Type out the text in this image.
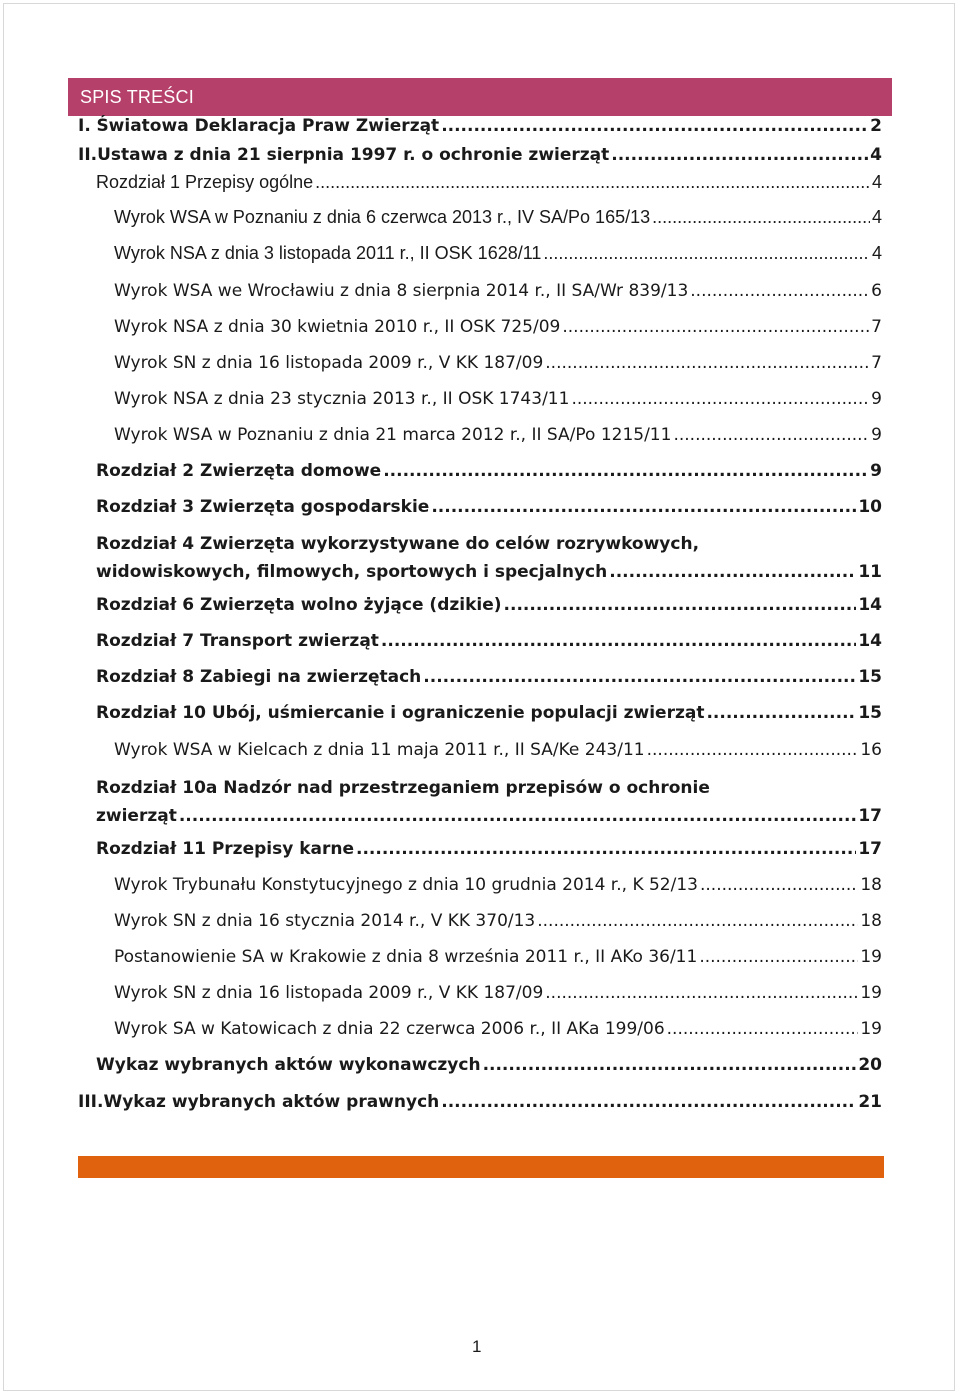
SPIS TREŚCI
I. Światowa Deklaracja Praw Zwierząt .....	2
II. Ustawa z dnia 21 sierpnia 1997 r. o ochronie zwierząt .....	4
Rozdział 1 Przepisy ogólne .....	4
Wyrok WSA w Poznaniu z dnia 6 czerwca 2013 r., IV SA/Po 165/13 .....	4
Wyrok NSA z dnia 3 listopada 2011 r., II OSK 1628/11 .....	4
Wyrok WSA we Wrocławiu z dnia 8 sierpnia 2014 r., II SA/Wr 839/13 .....	6
Wyrok NSA z dnia 30 kwietnia 2010 r., II OSK 725/09 .....	7
Wyrok SN z dnia 16 listopada 2009 r., V KK 187/09 .....	7
Wyrok NSA z dnia 23 stycznia 2013 r., II OSK 1743/11 .....	9
Wyrok WSA w Poznaniu z dnia 21 marca 2012 r., II SA/Po 1215/11 .....	9
Rozdział 2 Zwierzęta domowe .....	9
Rozdział 3 Zwierzęta gospodarskie .....	10
Rozdział 4 Zwierzęta wykorzystywane do celów rozrywkowych,
widowiskowych, filmowych, sportowych i specjalnych .....	11
Rozdział 6 Zwierzęta wolno żyjące (dzikie) .....	14
Rozdział 7 Transport zwierząt .....	14
Rozdział 8 Zabiegi na zwierzętach .....	15
Rozdział 10 Ubój, uśmiercanie i ograniczenie populacji zwierząt .....	15
Wyrok WSA w Kielcach z dnia 11 maja 2011 r., II SA/Ke 243/11 .....	16
Rozdział 10a Nadzór nad przestrzeganiem przepisów o ochronie
zwierząt .....	17
Rozdział 11 Przepisy karne .....	17
Wyrok Trybunału Konstytucyjnego z dnia 10 grudnia 2014 r., K 52/13 .....	18
Wyrok SN z dnia 16 stycznia 2014 r., V KK 370/13 .....	18
Postanowienie SA w Krakowie z dnia 8 września 2011 r., II AKo 36/11 .....	19
Wyrok SN z dnia 16 listopada 2009 r., V KK 187/09 .....	19
Wyrok SA w Katowicach z dnia 22 czerwca 2006 r., II AKa 199/06 .....	19
Wykaz wybranych aktów wykonawczych .....	20
III. Wykaz wybranych aktów prawnych .....	21
1
